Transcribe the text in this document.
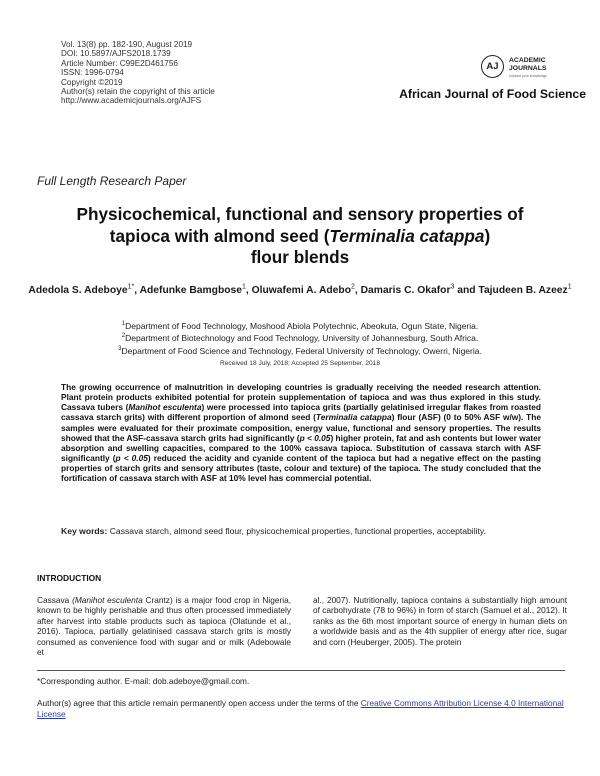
Vol. 13(8) pp. 182-190, August 2019
DOI: 10.5897/AJFS2018.1739
Article Number: C99E2D461756
ISSN: 1996-0794
Copyright ©2019
Author(s) retain the copyright of this article
http://www.academicjournals.org/AJFS
AJ
ACADEMIC
JOURNALS
expand your knowledge
African Journal of Food Science
Full Length Research Paper
Physicochemical, functional and sensory properties of
tapioca with almond seed (Terminalia catappa)
flour blends
Adedola S. Adeboye$^{1*}$, Adefunke Bamgbose$^1$, Oluwafemi A. Adebo$^2$, Damaris C. Okafor$^3$ and Tajudeen B. Azeez$^1$
$^1$Department of Food Technology, Moshood Abiola Polytechnic, Abeokuta, Ogun State, Nigeria.
$^2$Department of Biotechnology and Food Technology, University of Johannesburg, South Africa.
$^3$Department of Food Science and Technology, Federal University of Technology, Owerri, Nigeria.
Received 18 July, 2018; Accepted 25 September, 2018
The growing occurrence of malnutrition in developing countries is gradually receiving the needed research attention. Plant protein products exhibited potential for protein supplementation of tapioca and was thus explored in this study. Cassava tubers (Manihot esculenta) were processed into tapioca grits (partially gelatinised irregular flakes from roasted cassava starch grits) with different proportion of almond seed (Terminalia catappa) flour (ASF) (0 to 50% ASF w/w). The samples were evaluated for their proximate composition, energy value, functional and sensory properties. The results showed that the ASF-cassava starch grits had significantly (p < 0.05) higher protein, fat and ash contents but lower water absorption and swelling capacities, compared to the 100% cassava tapioca. Substitution of cassava starch with ASF significantly (p < 0.05) reduced the acidity and cyanide content of the tapioca but had a negative effect on the pasting properties of starch grits and sensory attributes (taste, colour and texture) of the tapioca. The study concluded that the fortification of cassava starch with ASF at 10% level has commercial potential.
Key words: Cassava starch, almond seed flour, physicochemical properties, functional properties, acceptability.
INTRODUCTION
Cassava (Manihot esculenta Crantz) is a major food crop in Nigeria, known to be highly perishable and thus often processed immediately after harvest into stable products such as tapioca (Olatunde et al., 2016). Tapioca, partially gelatinised cassava starch grits is mostly consumed as convenience food with sugar and or milk (Adebowale et
al., 2007). Nutritionally, tapioca contains a substantially high amount of carbohydrate (78 to 96%) in form of starch (Samuel et al., 2012). It ranks as the 6th most important source of energy in human diets on a worldwide basis and as the 4th supplier of energy after rice, sugar and corn (Heuberger, 2005). The protein
*Corresponding author. E-mail: dob.adeboye@gmail.com.
Author(s) agree that this article remain permanently open access under the terms of the Creative Commons Attribution License 4.0 International License
